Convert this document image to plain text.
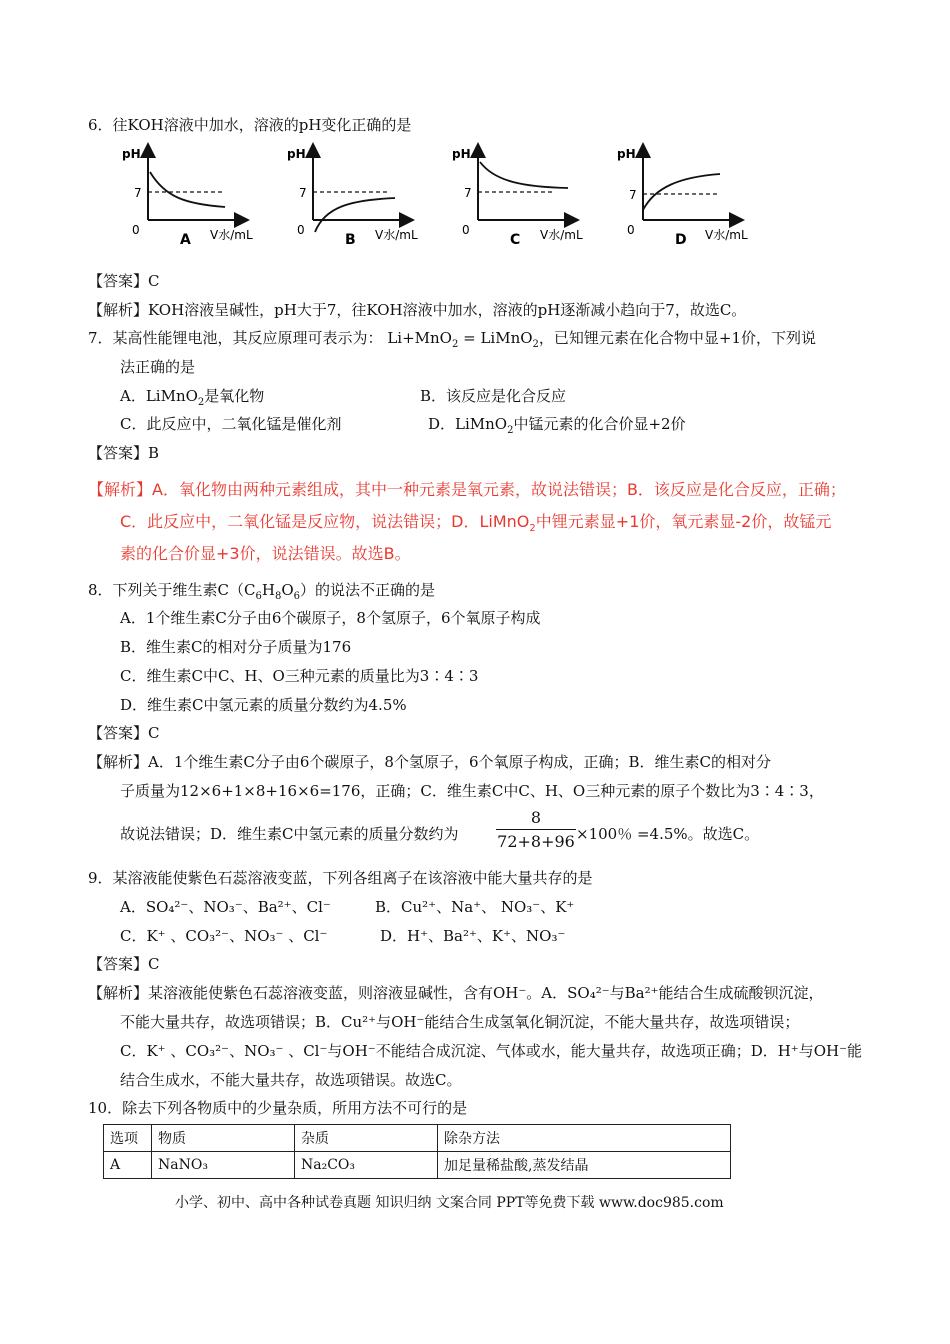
6．往KOH溶液中加水，溶液的pH变化正确的是
pH
7
0	V水/mL
A
pH
7
0	V水/mL
B
pH
7
0	V水/mL
C
pH
7
0	V水/mL
D
【答案】C
【解析】KOH溶液呈碱性，pH大于7，往KOH溶液中加水，溶液的pH逐渐减小趋向于7，故选C。
7．某高性能锂电池，其反应原理可表示为： Li+MnO$_2$ = LiMnO$_2$，已知锂元素在化合物中显+1价，下列说
法正确的是
A．LiMnO$_2$是氧化物	B．该反应是化合反应
C．此反应中，二氧化锰是催化剂	D．LiMnO$_2$中锰元素的化合价显+2价
【答案】B
【解析】A．氧化物由两种元素组成，其中一种元素是氧元素，故说法错误；B．该反应是化合反应，正确；
C．此反应中，二氧化锰是反应物，说法错误；D．LiMnO$_2$中锂元素显+1价，氧元素显-2价，故锰元
素的化合价显+3价，说法错误。故选B。
8．下列关于维生素$C(C_6H_8O_6)$的说法不正确的是
A．1个维生素C分子由6个碳原子，8个氢原子，6个氧原子构成
B．维生素C的相对分子质量为176
C．维生素C中C、H、O三种元素的质量比为3∶4∶3
D．维生素C中氢元素的质量分数约为4.5%
【答案】C
【解析】A．1个维生素C分子由6个碳原子，8个氢原子，6个氧原子构成，正确；B．维生素C的相对分
子质量为12×6+1×8+16×6=176，正确；C．维生素C中C、H、O三种元素的原子个数比为3∶4∶3，
故说法错误；D．维生素C中氢元素的质量分数约为 $\frac{8}{72+8+96} \times 100$％ =4.5%。故选C。
9．某溶液能使紫色石蕊溶液变蓝，下列各组离子在该溶液中能大量共存的是
A．SO₄²⁻、NO₃⁻、Ba²⁺、Cl⁻	B．Cu²⁺、Na⁺、 NO₃⁻、K⁺
C．K⁺ 、CO₃²⁻、NO₃⁻ 、Cl⁻	D．H⁺、Ba²⁺、K⁺、NO₃⁻
【答案】C
【解析】某溶液能使紫色石蕊溶液变蓝，则溶液显碱性，含有OH⁻。A．SO₄²⁻与Ba²⁺能结合生成硫酸钡沉淀，
不能大量共存，故选项错误；B．Cu²⁺与OH⁻能结合生成氢氧化铜沉淀，不能大量共存，故选项错误；
C．K⁺ 、CO₃²⁻、NO₃⁻ 、Cl⁻与OH⁻不能结合成沉淀、气体或水，能大量共存，故选项正确；D．H⁺与OH⁻能
结合生成水，不能大量共存，故选项错误。故选C。
10．除去下列各物质中的少量杂质，所用方法不可行的是
选项	物质	杂质	除杂方法
A	NaNO₃	Na₂CO₃	加足量稀盐酸,蒸发结晶
小学、初中、高中各种试卷真题 知识归纳 文案合同 PPT等免费下载 www.doc985.com
